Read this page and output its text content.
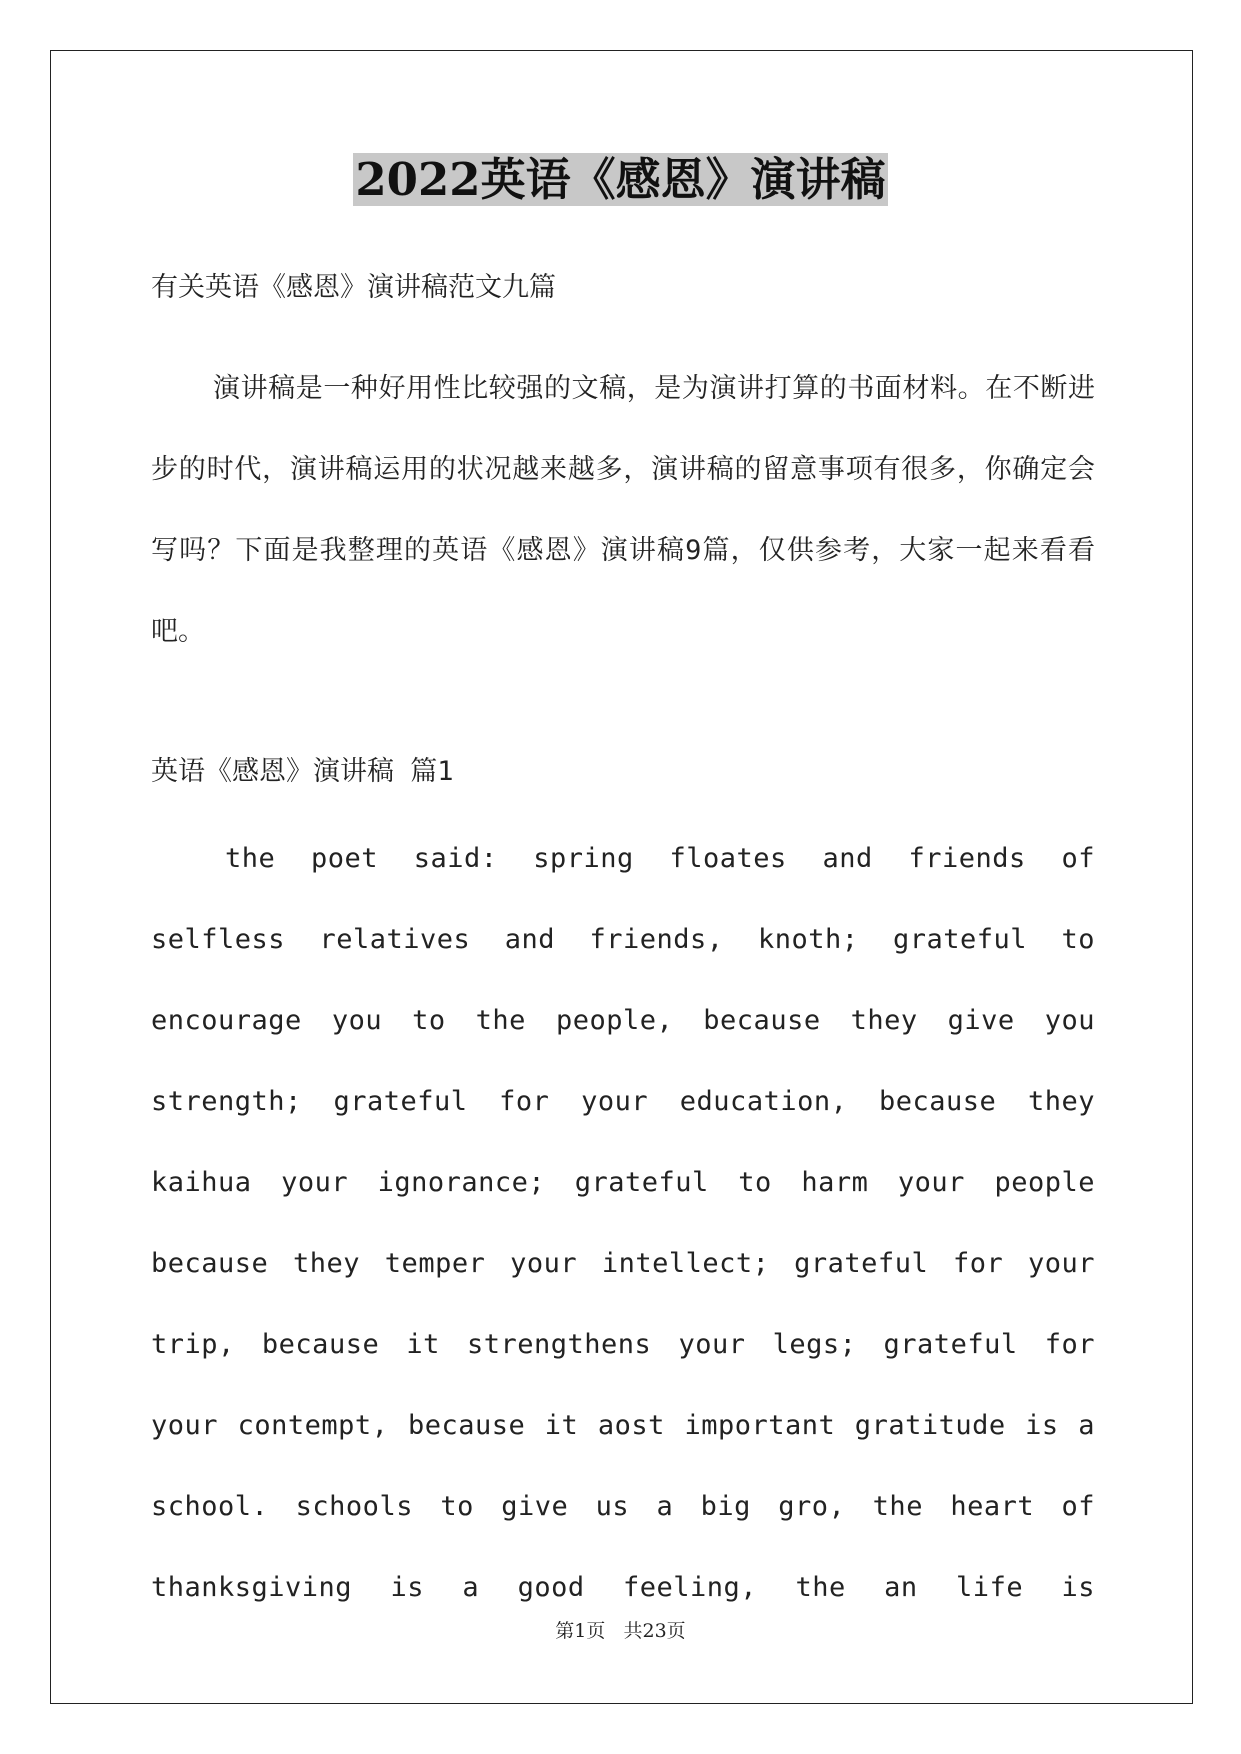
2022英语《感恩》演讲稿

有关英语《感恩》演讲稿范文九篇

演讲稿是一种好用性比较强的文稿，是为演讲打算的书面材料。在不断进步的时代，演讲稿运用的状况越来越多，演讲稿的留意事项有很多，你确定会写吗？下面是我整理的英语《感恩》演讲稿9篇，仅供参考，大家一起来看看吧。

英语《感恩》演讲稿 篇1

the poet said: spring floates and friends of selfless relatives and friends, knoth; grateful to encourage you to the people, because they give you strength; grateful for your education, because they kaihua your ignorance; grateful to harm your people because they temper your intellect; grateful for your trip, because it strengthens your legs; grateful for your contempt, because it aost important gratitude is a school. schools to give us a big gro, the heart of thanksgiving is a good feeling, the an life is

第1页   共23页
